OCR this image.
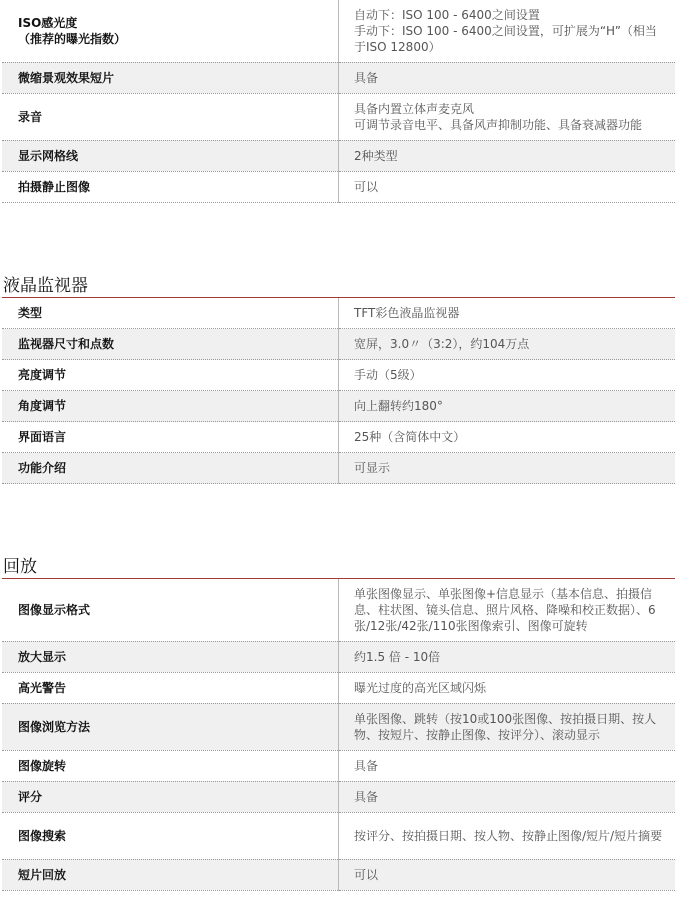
ISO感光度
（推荐的曝光指数）	自动下：ISO 100 - 6400之间设置
手动下：ISO 100 - 6400之间设置，可扩展为“H”（相当于ISO 12800）
微缩景观效果短片	具备
录音	具备内置立体声麦克风
可调节录音电平、具备风声抑制功能、具备衰减器功能
显示网格线	2种类型
拍摄静止图像	可以
液晶监视器
类型	TFT彩色液晶监视器
监视器尺寸和点数	宽屏，3.0〃（3:2），约104万点
亮度调节	手动（5级）
角度调节	向上翻转约180°
界面语言	25种（含简体中文）
功能介绍	可显示
回放
图像显示格式	单张图像显示、单张图像+信息显示（基本信息、拍摄信息、柱状图、镜头信息、照片风格、降噪和校正数据）、6张/12张/42张/110张图像索引、图像可旋转
放大显示	约1.5 倍 - 10倍
高光警告	曝光过度的高光区域闪烁
图像浏览方法	单张图像、跳转（按10或100张图像、按拍摄日期、按人物、按短片、按静止图像、按评分）、滚动显示
图像旋转	具备
评分	具备
图像搜索	按评分、按拍摄日期、按人物、按静止图像/短片/短片摘要
短片回放	可以
